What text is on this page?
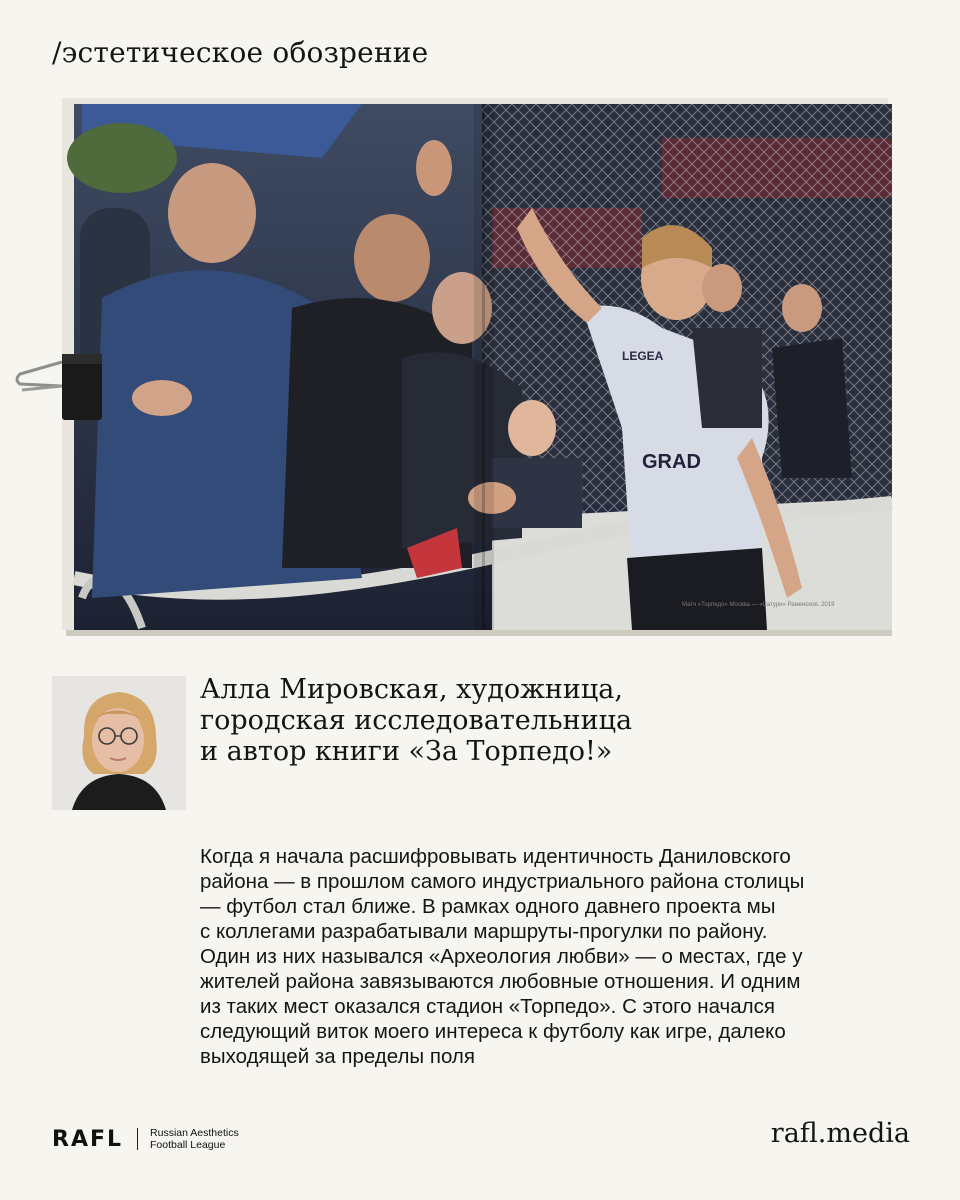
/эстетическое обозрение
LEGEA
GRAD
Матч «Торпедо» Москва — «Сатурн» Раменское. 2019
Алла Мировская, художница,
городская исследовательница
и автор книги «За Торпедо!»
Когда я начала расшифровывать идентичность Даниловского
района — в прошлом самого индустриального района столицы
— футбол стал ближе. В рамках одного давнего проекта мы
с коллегами разрабатывали маршруты-прогулки по району.
Один из них назывался «Археология любви» — о местах, где у
жителей района завязываются любовные отношения. И одним
из таких мест оказался стадион «Торпедо». С этого начался
следующий виток моего интереса к футболу как игре, далеко
выходящей за пределы поля
RAFL	Russian Aesthetics
Football League	rafl.media
